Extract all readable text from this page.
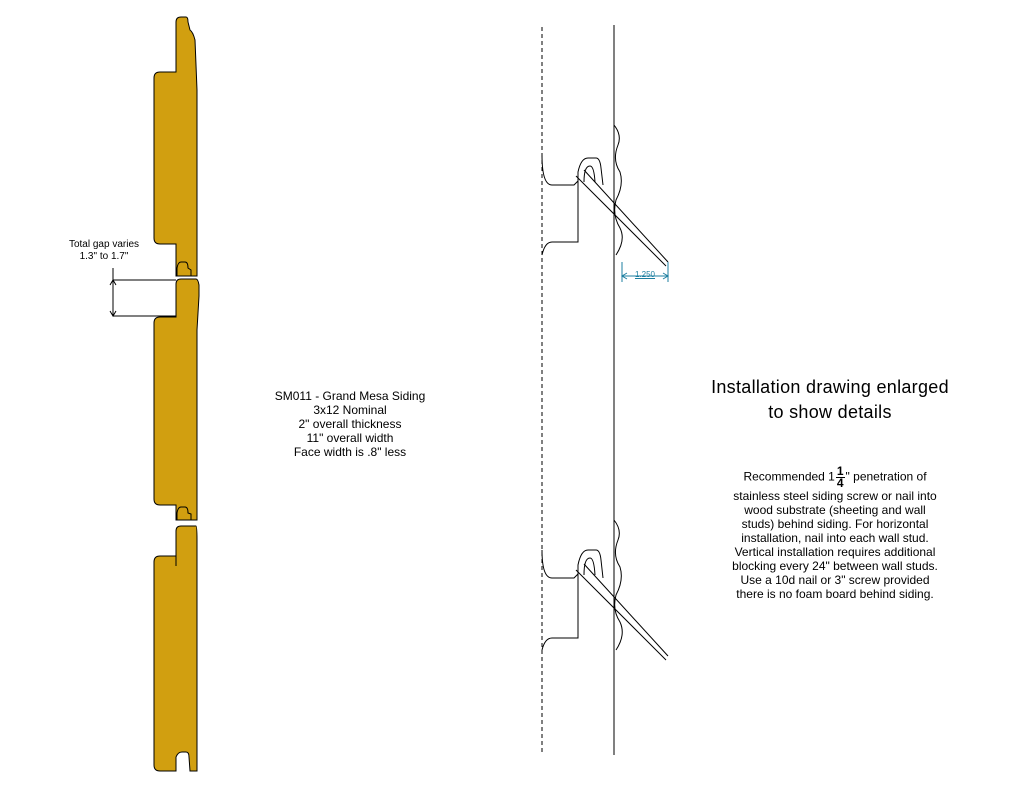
Total gap varies
1.3" to 1.7"
SM011 - Grand Mesa Siding
3x12 Nominal
2" overall thickness
11" overall width
Face width is .8" less
Installation drawing enlarged
to show details
Recommended $1 \frac{1}{4}$ " penetration of
stainless steel siding screw or nail into
wood substrate (sheeting and wall
studs) behind siding. For horizontal
installation, nail into each wall stud.
Vertical installation requires additional
blocking every 24" between wall studs.
Use a 10d nail or 3" screw provided
there is no foam board behind siding.
1.250
